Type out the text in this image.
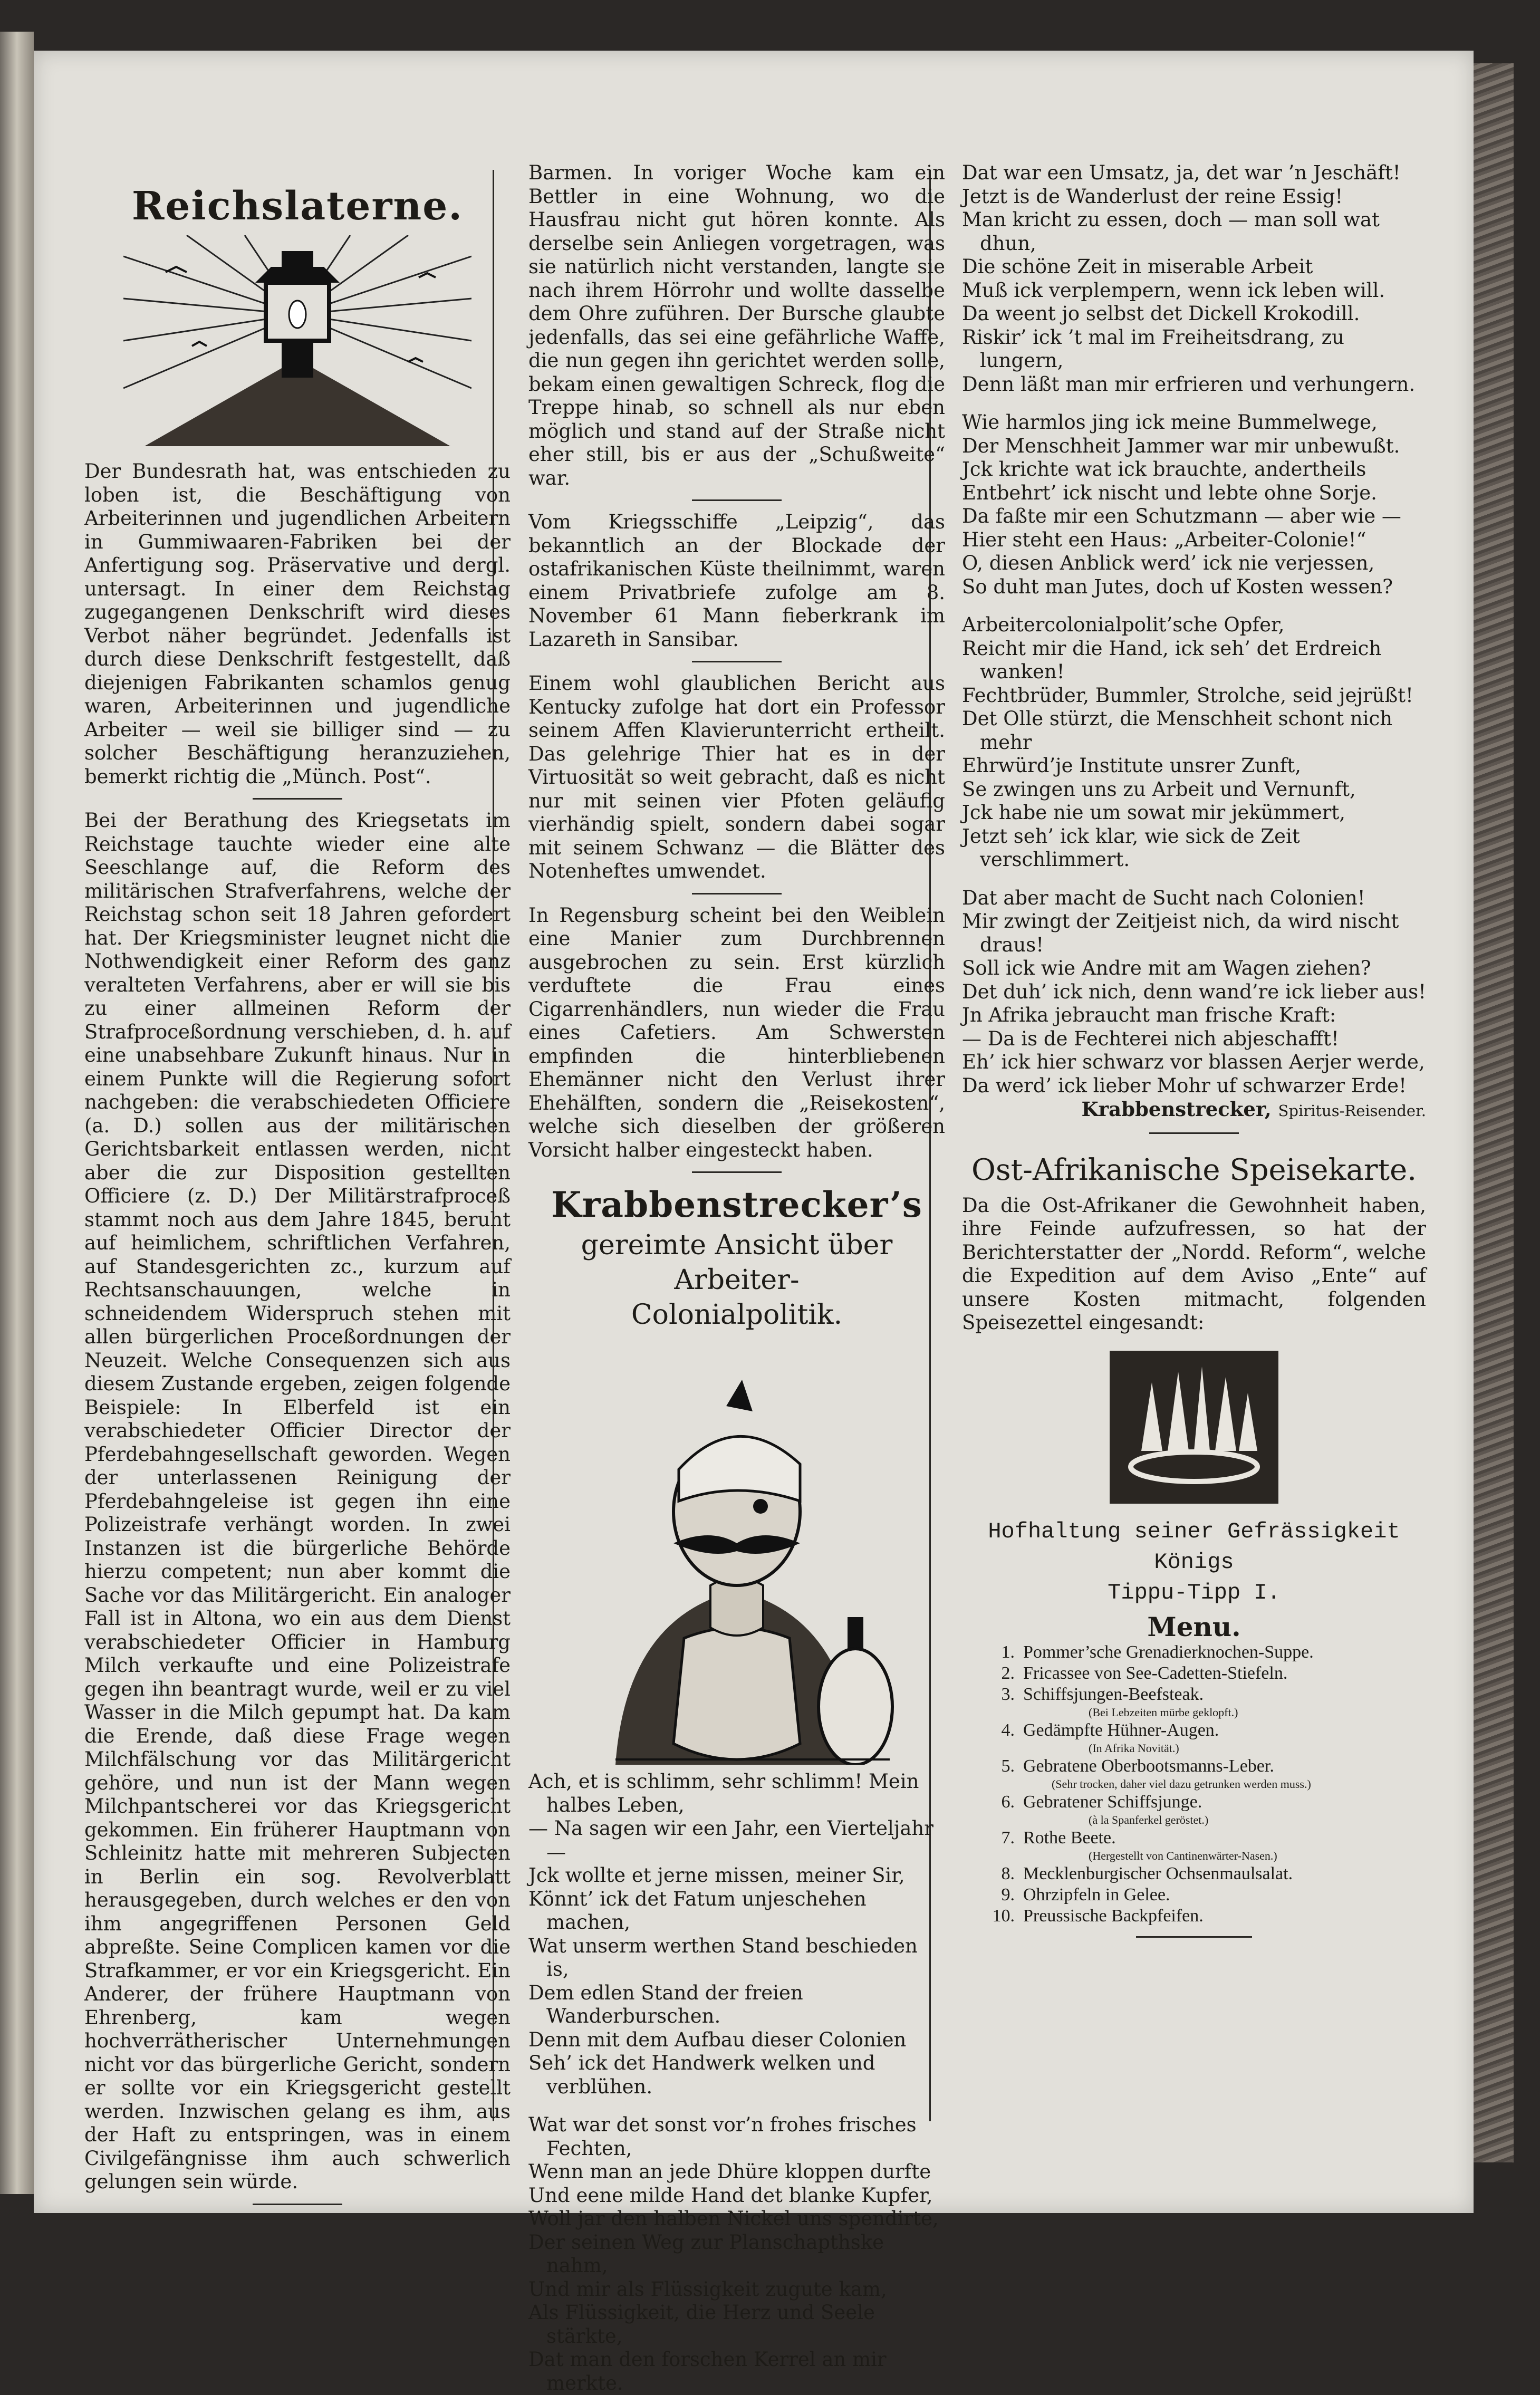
Reichslaterne.

Der Bundesrath hat, was entschieden zu loben ist, die Beschäftigung von Arbeiterinnen und jugendlichen Arbeitern in Gummiwaaren-Fabriken bei der Anfertigung sog. Präservative und dergl. untersagt. In einer dem Reichstag zugegangenen Denkschrift wird dieses Verbot näher begründet. Jedenfalls ist durch diese Denkschrift festgestellt, daß diejenigen Fabrikanten schamlos genug waren, Arbeiterinnen und jugendliche Arbeiter — weil sie billiger sind — zu solcher Beschäftigung heranzuziehen, bemerkt richtig die „Münch. Post“.

Bei der Berathung des Kriegsetats im Reichstage tauchte wieder eine alte Seeschlange auf, die Reform des militärischen Strafverfahrens, welche der Reichstag schon seit 18 Jahren gefordert hat. Der Kriegsminister leugnet nicht die Nothwendigkeit einer Reform des ganz veralteten Verfahrens, aber er will sie bis zu einer allmeinen Reform der Strafproceßordnung verschieben, d. h. auf eine unabsehbare Zukunft hinaus. Nur in einem Punkte will die Regierung sofort nachgeben: die verabschiedeten Officiere (a. D.) sollen aus der militärischen Gerichtsbarkeit entlassen werden, nicht aber die zur Disposition gestellten Officiere (z. D.) Der Militärstrafproceß stammt noch aus dem Jahre 1845, beruht auf heimlichem, schriftlichen Verfahren, auf Standesgerichten zc., kurzum auf Rechtsanschauungen, welche in schneidendem Widerspruch stehen mit allen bürgerlichen Proceßordnungen der Neuzeit. Welche Consequenzen sich aus diesem Zustande ergeben, zeigen folgende Beispiele: In Elberfeld ist ein verabschiedeter Officier Director der Pferdebahngesellschaft geworden. Wegen der unterlassenen Reinigung der Pferdebahngeleise ist gegen ihn eine Polizeistrafe verhängt worden. In zwei Instanzen ist die bürgerliche Behörde hierzu competent; nun aber kommt die Sache vor das Militärgericht. Ein analoger Fall ist in Altona, wo ein aus dem Dienst verabschiedeter Officier in Hamburg Milch verkaufte und eine Polizeistrafe gegen ihn beantragt wurde, weil er zu viel Wasser in die Milch gepumpt hat. Da kam die Erende, daß diese Frage wegen Milchfälschung vor das Militärgericht gehöre, und nun ist der Mann wegen Milchpantscherei vor das Kriegsgericht gekommen. Ein früherer Hauptmann von Schleinitz hatte mit mehreren Subjecten in Berlin ein sog. Revolverblatt herausgegeben, durch welches er den von ihm angegriffenen Personen Geld abpreßte. Seine Complicen kamen vor die Strafkammer, er vor ein Kriegsgericht. Ein Anderer, der frühere Hauptmann von Ehrenberg, kam wegen hochverrätherischer Unternehmungen nicht vor das bürgerliche Gericht, sondern er sollte vor ein Kriegsgericht gestellt werden. Inzwischen gelang es ihm, aus der Haft zu entspringen, was in einem Civilgefängnisse ihm auch schwerlich gelungen sein würde.

Barmen. In voriger Woche kam ein Bettler in eine Wohnung, wo die Hausfrau nicht gut hören konnte. Als derselbe sein Anliegen vorgetragen, was sie natürlich nicht verstanden, langte sie nach ihrem Hörrohr und wollte dasselbe dem Ohre zuführen. Der Bursche glaubte jedenfalls, das sei eine gefährliche Waffe, die nun gegen ihn gerichtet werden solle, bekam einen gewaltigen Schreck, flog die Treppe hinab, so schnell als nur eben möglich und stand auf der Straße nicht eher still, bis er aus der „Schußweite“ war.

Vom Kriegsschiffe „Leipzig“, das bekanntlich an der Blockade der ostafrikanischen Küste theilnimmt, waren einem Privatbriefe zufolge am 8. November 61 Mann fieberkrank im Lazareth in Sansibar.

Einem wohl glaublichen Bericht aus Kentucky zufolge hat dort ein Professor seinem Affen Klavierunterricht ertheilt. Das gelehrige Thier hat es in der Virtuosität so weit gebracht, daß es nicht nur mit seinen vier Pfoten geläufig vierhändig spielt, sondern dabei sogar mit seinem Schwanz — die Blätter des Notenheftes umwendet.

In Regensburg scheint bei den Weiblein eine Manier zum Durchbrennen ausgebrochen zu sein. Erst kürzlich verduftete die Frau eines Cigarrenhändlers, nun wieder die Frau eines Cafetiers. Am Schwersten empfinden die hinterbliebenen Ehemänner nicht den Verlust ihrer Ehehälften, sondern die „Reisekosten“, welche sich dieselben der größeren Vorsicht halber eingesteckt haben.

Krabbenstrecker’s
gereimte Ansicht über Arbeiter-
Colonialpolitik.

Ach, et is schlimm, sehr schlimm! Mein halbes Leben,

— Na sagen wir een Jahr, een Vierteljahr —

Jck wollte et jerne missen, meiner Sir,

Könnt’ ick det Fatum unjeschehen machen,

Wat unserm werthen Stand beschieden is,

Dem edlen Stand der freien Wanderburschen.

Denn mit dem Aufbau dieser Colonien

Seh’ ick det Handwerk welken und verblühen.

Wat war det sonst vor’n frohes frisches Fechten,

Wenn man an jede Dhüre kloppen durfte

Und eene milde Hand det blanke Kupfer,

Woll jar den halben Nickel uns spendirte,

Der seinen Weg zur Planschapthske nahm,

Und mir als Flüssigkeit zugute kam,

Als Flüssigkeit, die Herz und Seele stärkte,

Dat man den forschen Kerrel an mir merkte.

Dat war een Umsatz, ja, det war ’n Jeschäft!

Jetzt is de Wanderlust der reine Essig!

Man kricht zu essen, doch — man soll wat dhun,

Die schöne Zeit in miserable Arbeit

Muß ick verplempern, wenn ick leben will.

Da weent jo selbst det Dickell Krokodill.

Riskir’ ick ’t mal im Freiheitsdrang, zu lungern,

Denn läßt man mir erfrieren und verhungern.

Wie harmlos jing ick meine Bummelwege,

Der Menschheit Jammer war mir unbewußt.

Jck krichte wat ick brauchte, andertheils

Entbehrt’ ick nischt und lebte ohne Sorje.

Da faßte mir een Schutzmann — aber wie —

Hier steht een Haus: „Arbeiter-Colonie!“

O, diesen Anblick werd’ ick nie verjessen,

So duht man Jutes, doch uf Kosten wessen?

Arbeitercolonialpolit’sche Opfer,

Reicht mir die Hand, ick seh’ det Erdreich wanken!

Fechtbrüder, Bummler, Strolche, seid jejrüßt!

Det Olle stürzt, die Menschheit schont nich mehr

Ehrwürd’je Institute unsrer Zunft,

Se zwingen uns zu Arbeit und Vernunft,

Jck habe nie um sowat mir jekümmert,

Jetzt seh’ ick klar, wie sick de Zeit verschlimmert.

Dat aber macht de Sucht nach Colonien!

Mir zwingt der Zeitjeist nich, da wird nischt draus!

Soll ick wie Andre mit am Wagen ziehen?

Det duh’ ick nich, denn wand’re ick lieber aus!

Jn Afrika jebraucht man frische Kraft:

— Da is de Fechterei nich abjeschafft!

Eh’ ick hier schwarz vor blassen Aerjer werde,

Da werd’ ick lieber Mohr uf schwarzer Erde!

Krabbenstrecker, Spiritus-Reisender.
Ost-Afrikanische Speisekarte.

Da die Ost-Afrikaner die Gewohnheit haben, ihre Feinde aufzufressen, so hat der Berichterstatter der „Nordd. Reform“, welche die Expedition auf dem Aviso „Ente“ auf unsere Kosten mitmacht, folgenden Speisezettel eingesandt:

Hofhaltung seiner Gefrässigkeit Königs
Tippu-Tipp I.
Menu.
1. Pommer’sche Grenadierknochen-Suppe.
2. Fricassee von See-Cadetten-Stiefeln.
3. Schiffsjungen-Beefsteak.
(Bei Lebzeiten mürbe geklopft.)
4. Gedämpfte Hühner-Augen.
(In Afrika Novität.)
5. Gebratene Oberbootsmanns-Leber.
(Sehr trocken, daher viel dazu getrunken werden muss.)
6. Gebratener Schiffsjunge.
(à la Spanferkel geröstet.)
7. Rothe Beete.
(Hergestellt von Cantinenwärter-Nasen.)
8. Mecklenburgischer Ochsenmaulsalat.
9. Ohrzipfeln in Gelee.
10. Preussische Backpfeifen.
